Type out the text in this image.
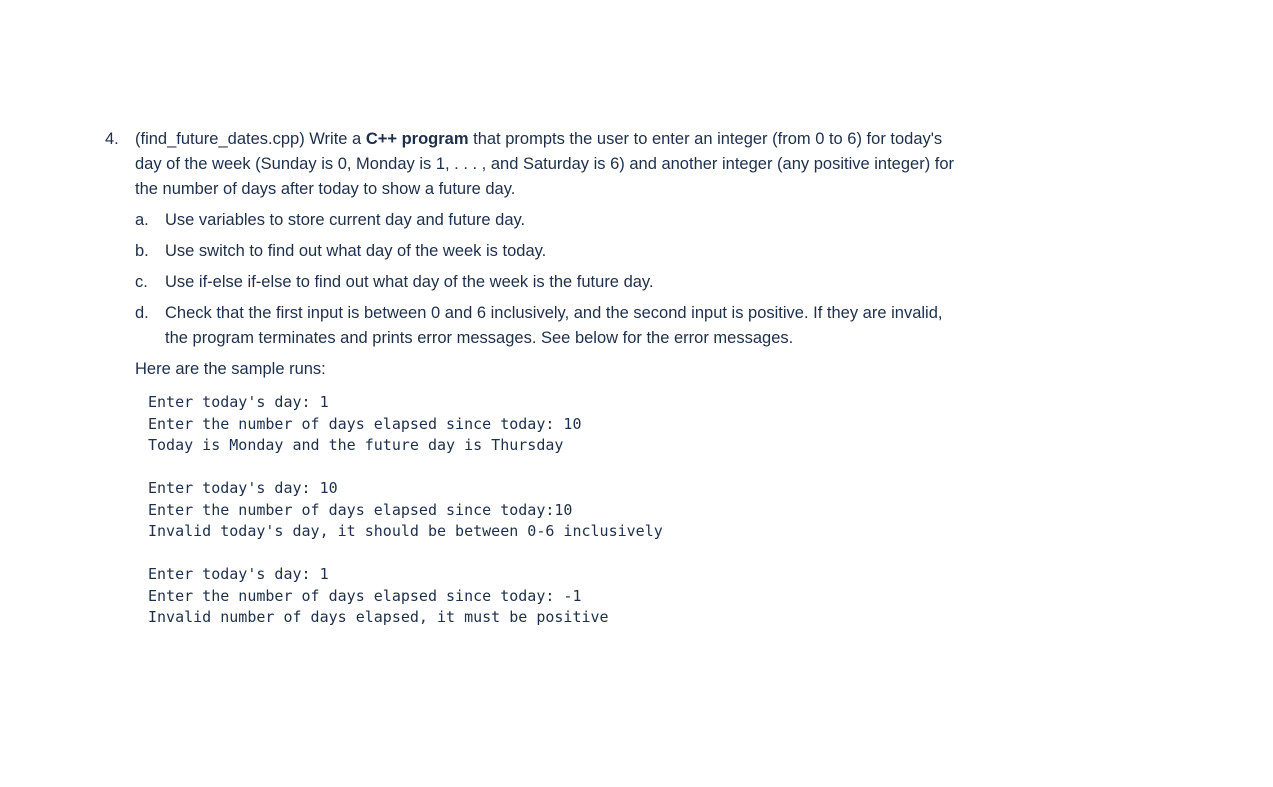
4. (find_future_dates.cpp) Write a C++ program that prompts the user to enter an integer (from 0 to 6) for today's day of the week (Sunday is 0, Monday is 1, . . . , and Saturday is 6) and another integer (any positive integer) for the number of days after today to show a future day.
a. Use variables to store current day and future day.
b. Use switch to find out what day of the week is today.
c. Use if-else if-else to find out what day of the week is the future day.
d. Check that the first input is between 0 and 6 inclusively, and the second input is positive. If they are invalid, the program terminates and prints error messages. See below for the error messages.
Here are the sample runs:
Enter today's day: 1
Enter the number of days elapsed since today: 10
Today is Monday and the future day is Thursday
Enter today's day: 10
Enter the number of days elapsed since today:10
Invalid today's day, it should be between 0-6 inclusively
Enter today's day: 1
Enter the number of days elapsed since today: -1
Invalid number of days elapsed, it must be positive
